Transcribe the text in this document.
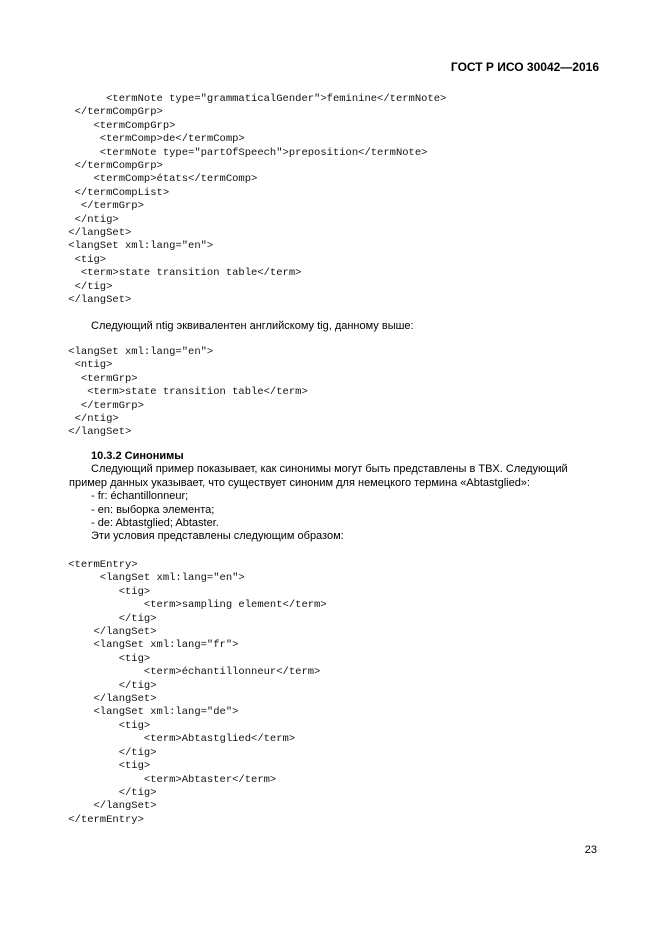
ГОСТ Р ИСО 30042—2016
<termNote type="grammaticalGender">feminine</termNote>
</termCompGrp>
<termCompGrp>
<termComp>de</termComp>
<termNote type="partOfSpeech">preposition</termNote>
</termCompGrp>
<termComp>états</termComp>
</termCompList>
</termGrp>
</ntig>
</langSet>
<langSet xml:lang="en">
<tig>
<term>state transition table</term>
</tig>
</langSet>

Следующий ntig эквивалентен английскому tig, данному выше:

<langSet xml:lang="en">
<ntig>
<termGrp>
<term>state transition table</term>
</termGrp>
</ntig>
</langSet>

10.3.2 Синонимы

Следующий пример показывает, как синонимы могут быть представлены в TBX. Следующий пример данных указывает, что существует синоним для немецкого термина «Abtastglied»:

- fr: échantillonneur;

- en: выборка элемента;

- de: Abtastglied; Abtaster.

Эти условия представлены следующим образом:

<termEntry>
<langSet xml:lang="en">
<tig>
<term>sampling element</term>
</tig>
</langSet>
<langSet xml:lang="fr">
<tig>
<term>échantillonneur</term>
</tig>
</langSet>
<langSet xml:lang="de">
<tig>
<term>Abtastglied</term>
</tig>
<tig>
<term>Abtaster</term>
</tig>
</langSet>
</termEntry>
23
